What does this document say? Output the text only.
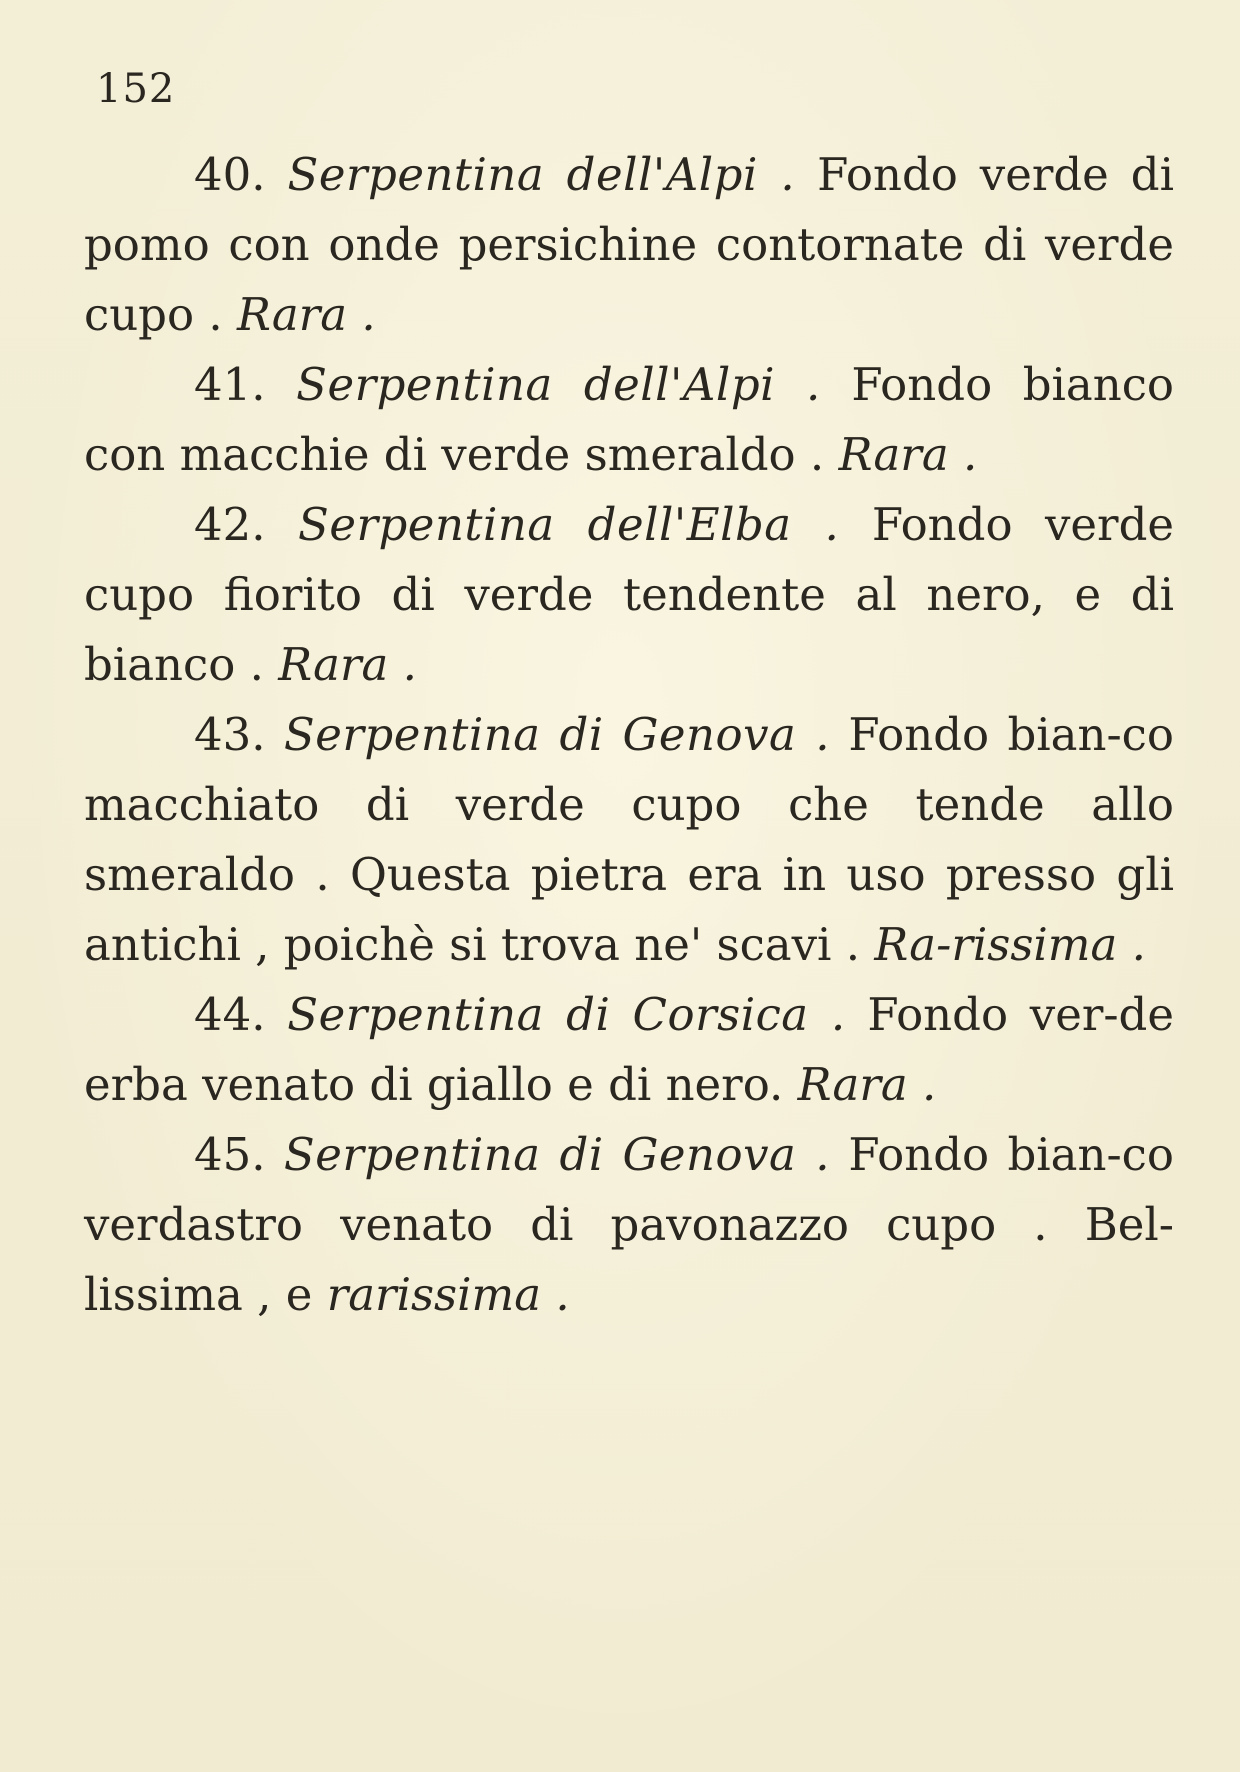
152

40. Serpentina dell'Alpi . Fondo verde di pomo con onde persichine contornate di verde cupo . Rara .

41. Serpentina dell'Alpi . Fondo bianco con macchie di verde smeraldo . Rara .

42. Serpentina dell'Elba . Fondo verde cupo fiorito di verde tendente al nero, e di bianco . Rara .

43. Serpentina di Genova . Fondo bian-co macchiato di verde cupo che tende allo smeraldo . Questa pietra era in uso presso gli antichi , poichè si trova ne' scavi . Ra-rissima .

44. Serpentina di Corsica . Fondo ver-de erba venato di giallo e di nero. Rara .

45. Serpentina di Genova . Fondo bian-co verdastro venato di pavonazzo cupo . Bel-lissima , e rarissima .
